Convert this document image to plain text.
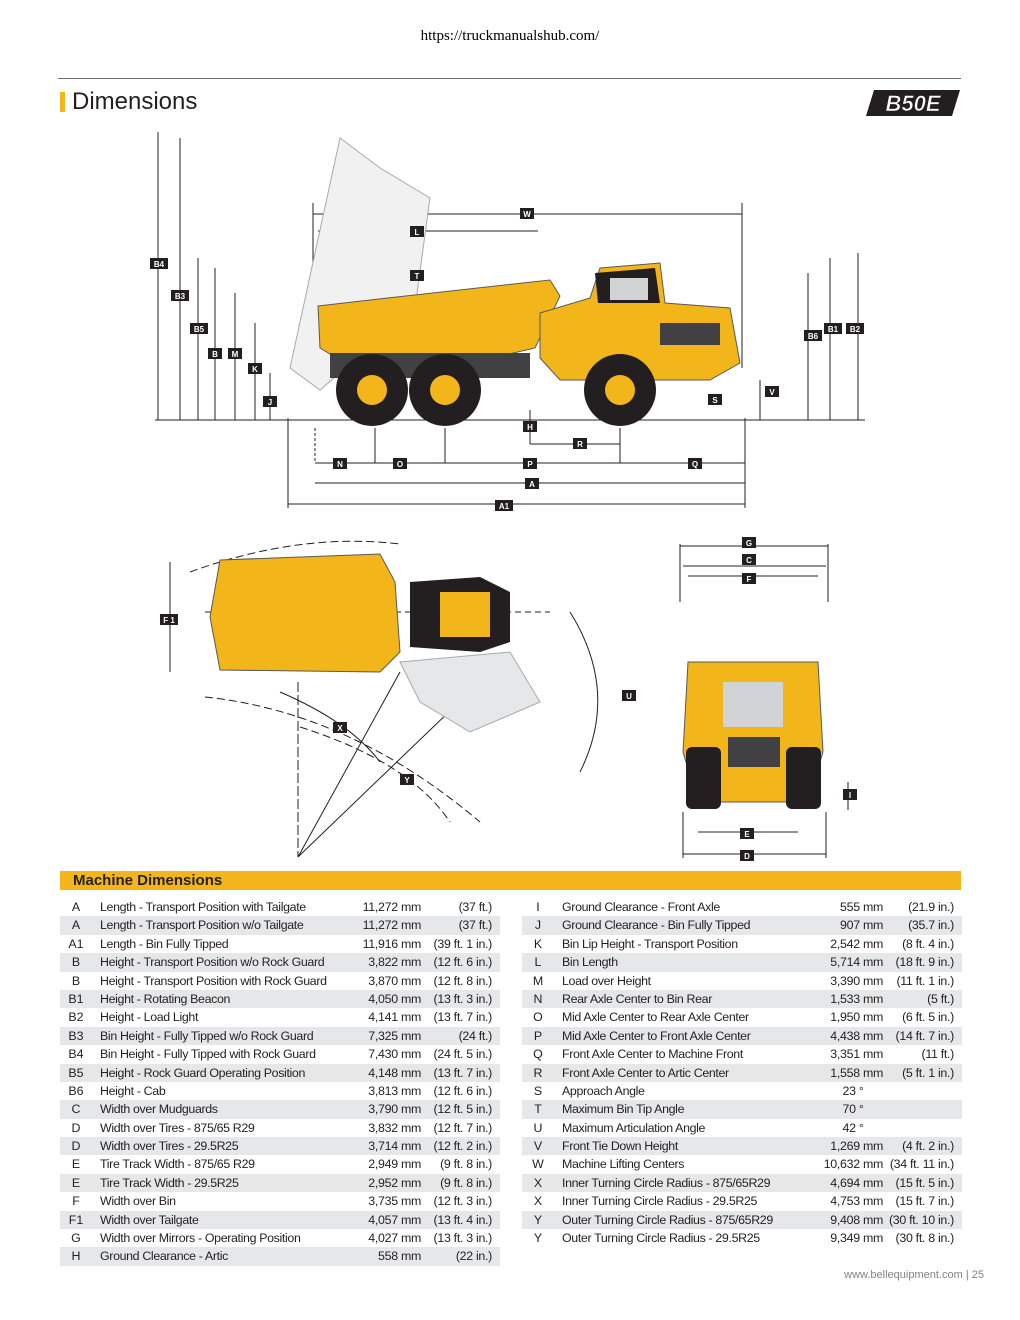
https://truckmanualshub.com/
Dimensions	B50E
W
L
T
B4
B3
B5
B M
K
J
H
R
N	O	P	Q
A
A1
S
V
B6
B1 B2
F 1
X
Y
U
G
C
F
I
E
D
Machine Dimensions
A	Length - Transport Position with Tailgate	11,272 mm	(37 ft.)
A	Length - Transport Position w/o Tailgate	11,272 mm	(37 ft.)
A1	Length - Bin Fully Tipped	11,916 mm	(39 ft. 1 in.)
B	Height - Transport Position w/o Rock Guard	3,822 mm	(12 ft. 6 in.)
B	Height - Transport Position with Rock Guard	3,870 mm	(12 ft. 8 in.)
B1	Height - Rotating Beacon	4,050 mm	(13 ft. 3 in.)
B2	Height - Load Light	4,141 mm	(13 ft. 7 in.)
B3	Bin Height - Fully Tipped w/o Rock Guard	7,325 mm	(24 ft.)
B4	Bin Height - Fully Tipped with Rock Guard	7,430 mm	(24 ft. 5 in.)
B5	Height - Rock Guard Operating Position	4,148 mm	(13 ft. 7 in.)
B6	Height - Cab	3,813 mm	(12 ft. 6 in.)
C	Width over Mudguards	3,790 mm	(12 ft. 5 in.)
D	Width over Tires - 875/65 R29	3,832 mm	(12 ft. 7 in.)
D	Width over Tires - 29.5R25	3,714 mm	(12 ft. 2 in.)
E	Tire Track Width - 875/65 R29	2,949 mm	(9 ft. 8 in.)
E	Tire Track Width - 29.5R25	2,952 mm	(9 ft. 8 in.)
F	Width over Bin	3,735 mm	(12 ft. 3 in.)
F1	Width over Tailgate	4,057 mm	(13 ft. 4 in.)
G	Width over Mirrors - Operating Position	4,027 mm	(13 ft. 3 in.)
H	Ground Clearance - Artic	558 mm	(22 in.)
I	Ground Clearance - Front Axle	555 mm	(21.9 in.)
J	Ground Clearance - Bin Fully Tipped	907 mm	(35.7 in.)
K	Bin Lip Height - Transport Position	2,542 mm	(8 ft. 4 in.)
L	Bin Length	5,714 mm	(18 ft. 9 in.)
M	Load over Height	3,390 mm	(11 ft. 1 in.)
N	Rear Axle Center to Bin Rear	1,533 mm	(5 ft.)
O	Mid Axle Center to Rear Axle Center	1,950 mm	(6 ft. 5 in.)
P	Mid Axle Center to Front Axle Center	4,438 mm	(14 ft. 7 in.)
Q	Front Axle Center to Machine Front	3,351 mm	(11 ft.)
R	Front Axle Center to Artic Center	1,558 mm	(5 ft. 1 in.)
S	Approach Angle	23 °
T	Maximum Bin Tip Angle	70 °
U	Maximum Articulation Angle	42 °
V	Front Tie Down Height	1,269 mm	(4 ft. 2 in.)
W	Machine Lifting Centers	10,632 mm (34 ft. 11 in.)
X	Inner Turning Circle Radius - 875/65R29	4,694 mm	(15 ft. 5 in.)
X	Inner Turning Circle Radius - 29.5R25	4,753 mm	(15 ft. 7 in.)
Y	Outer Turning Circle Radius - 875/65R29	9,408 mm (30 ft. 10 in.)
Y	Outer Turning Circle Radius - 29.5R25	9,349 mm	(30 ft. 8 in.)
www.bellequipment.com | 25
